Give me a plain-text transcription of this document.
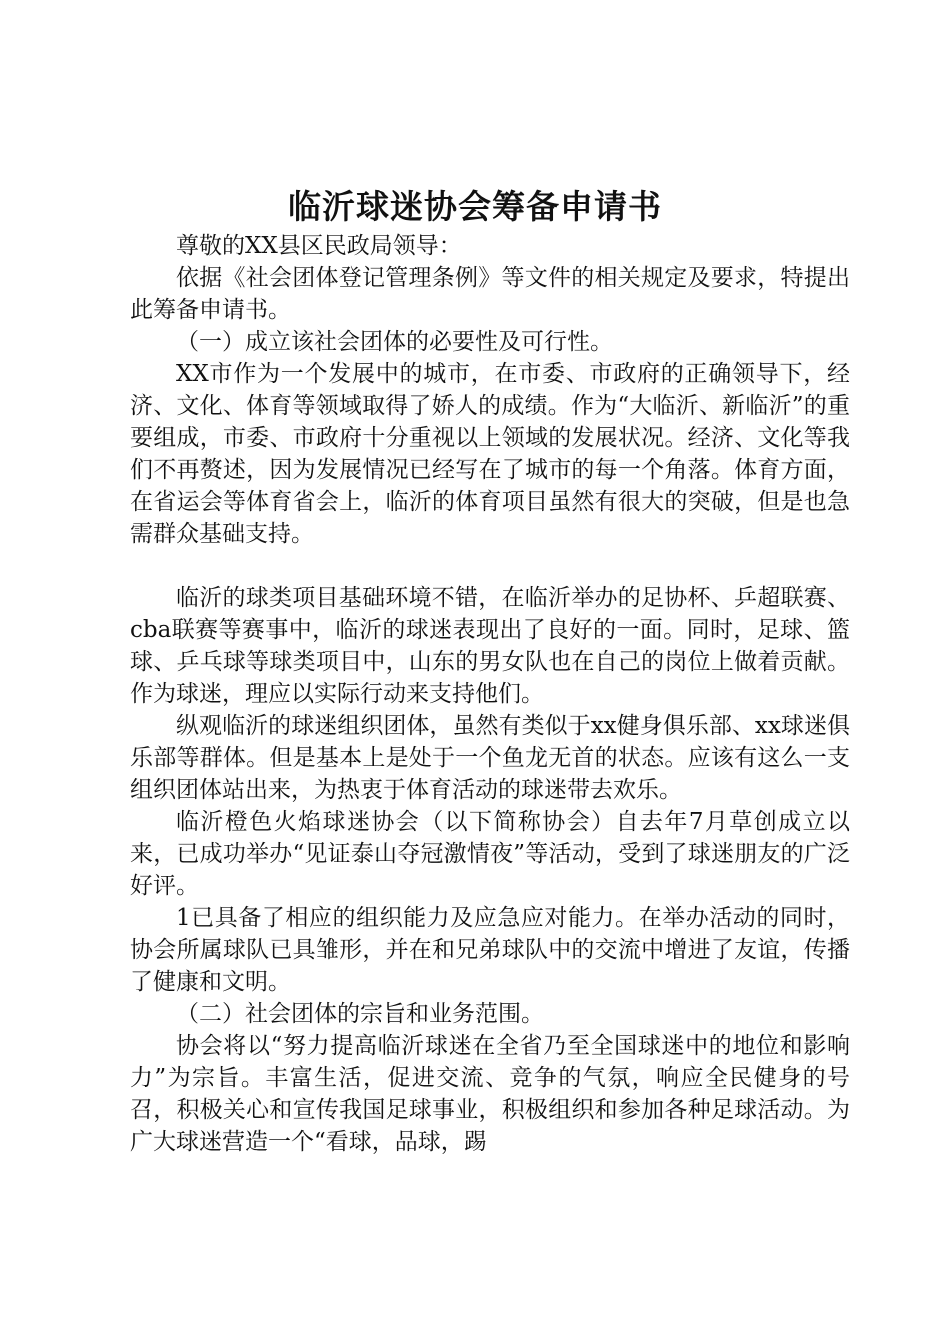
临沂球迷协会筹备申请书

尊敬的XX县区民政局领导：

依据《社会团体登记管理条例》等文件的相关规定及要求，特提出此筹备申请书。

（一）成立该社会团体的必要性及可行性。

XX市作为一个发展中的城市，在市委、市政府的正确领导下，经济、文化、体育等领域取得了娇人的成绩。作为“大临沂、新临沂”的重要组成，市委、市政府十分重视以上领域的发展状况。经济、文化等我们不再赘述，因为发展情况已经写在了城市的每一个角落。体育方面，在省运会等体育省会上，临沂的体育项目虽然有很大的突破，但是也急需群众基础支持。

临沂的球类项目基础环境不错，在临沂举办的足协杯、乒超联赛、cba联赛等赛事中，临沂的球迷表现出了良好的一面。同时，足球、篮球、乒乓球等球类项目中，山东的男女队也在自己的岗位上做着贡献。作为球迷，理应以实际行动来支持他们。

纵观临沂的球迷组织团体，虽然有类似于xx健身俱乐部、xx球迷俱乐部等群体。但是基本上是处于一个鱼龙无首的状态。应该有这么一支组织团体站出来，为热衷于体育活动的球迷带去欢乐。

临沂橙色火焰球迷协会（以下简称协会）自去年7月草创成立以来，已成功举办“见证泰山夺冠激情夜”等活动，受到了球迷朋友的广泛好评。

1已具备了相应的组织能力及应急应对能力。在举办活动的同时，协会所属球队已具雏形，并在和兄弟球队中的交流中增进了友谊，传播了健康和文明。

（二）社会团体的宗旨和业务范围。

协会将以“努力提高临沂球迷在全省乃至全国球迷中的地位和影响力”为宗旨。丰富生活，促进交流、竞争的气氛，响应全民健身的号召，积极关心和宣传我国足球事业，积极组织和参加各种足球活动。为广大球迷营造一个“看球，品球，踢
